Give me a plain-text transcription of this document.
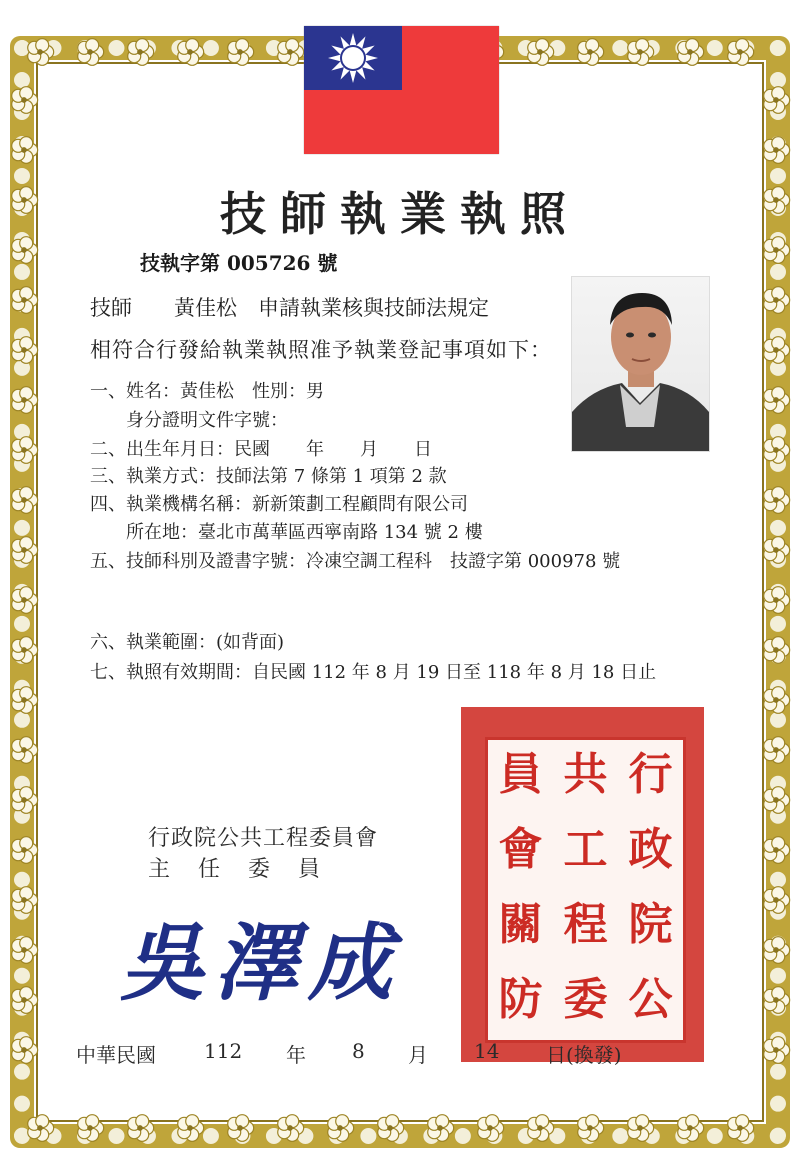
技師執業執照
技執字第 005726 號
技師　　黃佳松　申請執業核與技師法規定
相符合行發給執業執照准予執業登記事項如下：
一、姓名：黃佳松　性別：男
　　身分證明文件字號：
二、出生年月日：民國　　年　　月　　日
三、執業方式：技師法第 7 條第 1 項第 2 款
四、執業機構名稱：新新策劃工程顧問有限公司
　　所在地：臺北市萬華區西寧南路 134 號 2 樓
五、技師科別及證書字號：冷凍空調工程科　技證字第 000978 號
六、執業範圍：(如背面)
七、執照有效期間：自民國 112 年 8 月 19 日至 118 年 8 月 18 日止
行
政
院
公
共
工
程
委
員
會
關
防
行政院公共工程委員會
主任委員
吳澤成
中華民國 112 年 8 月 14 日 (換發)
